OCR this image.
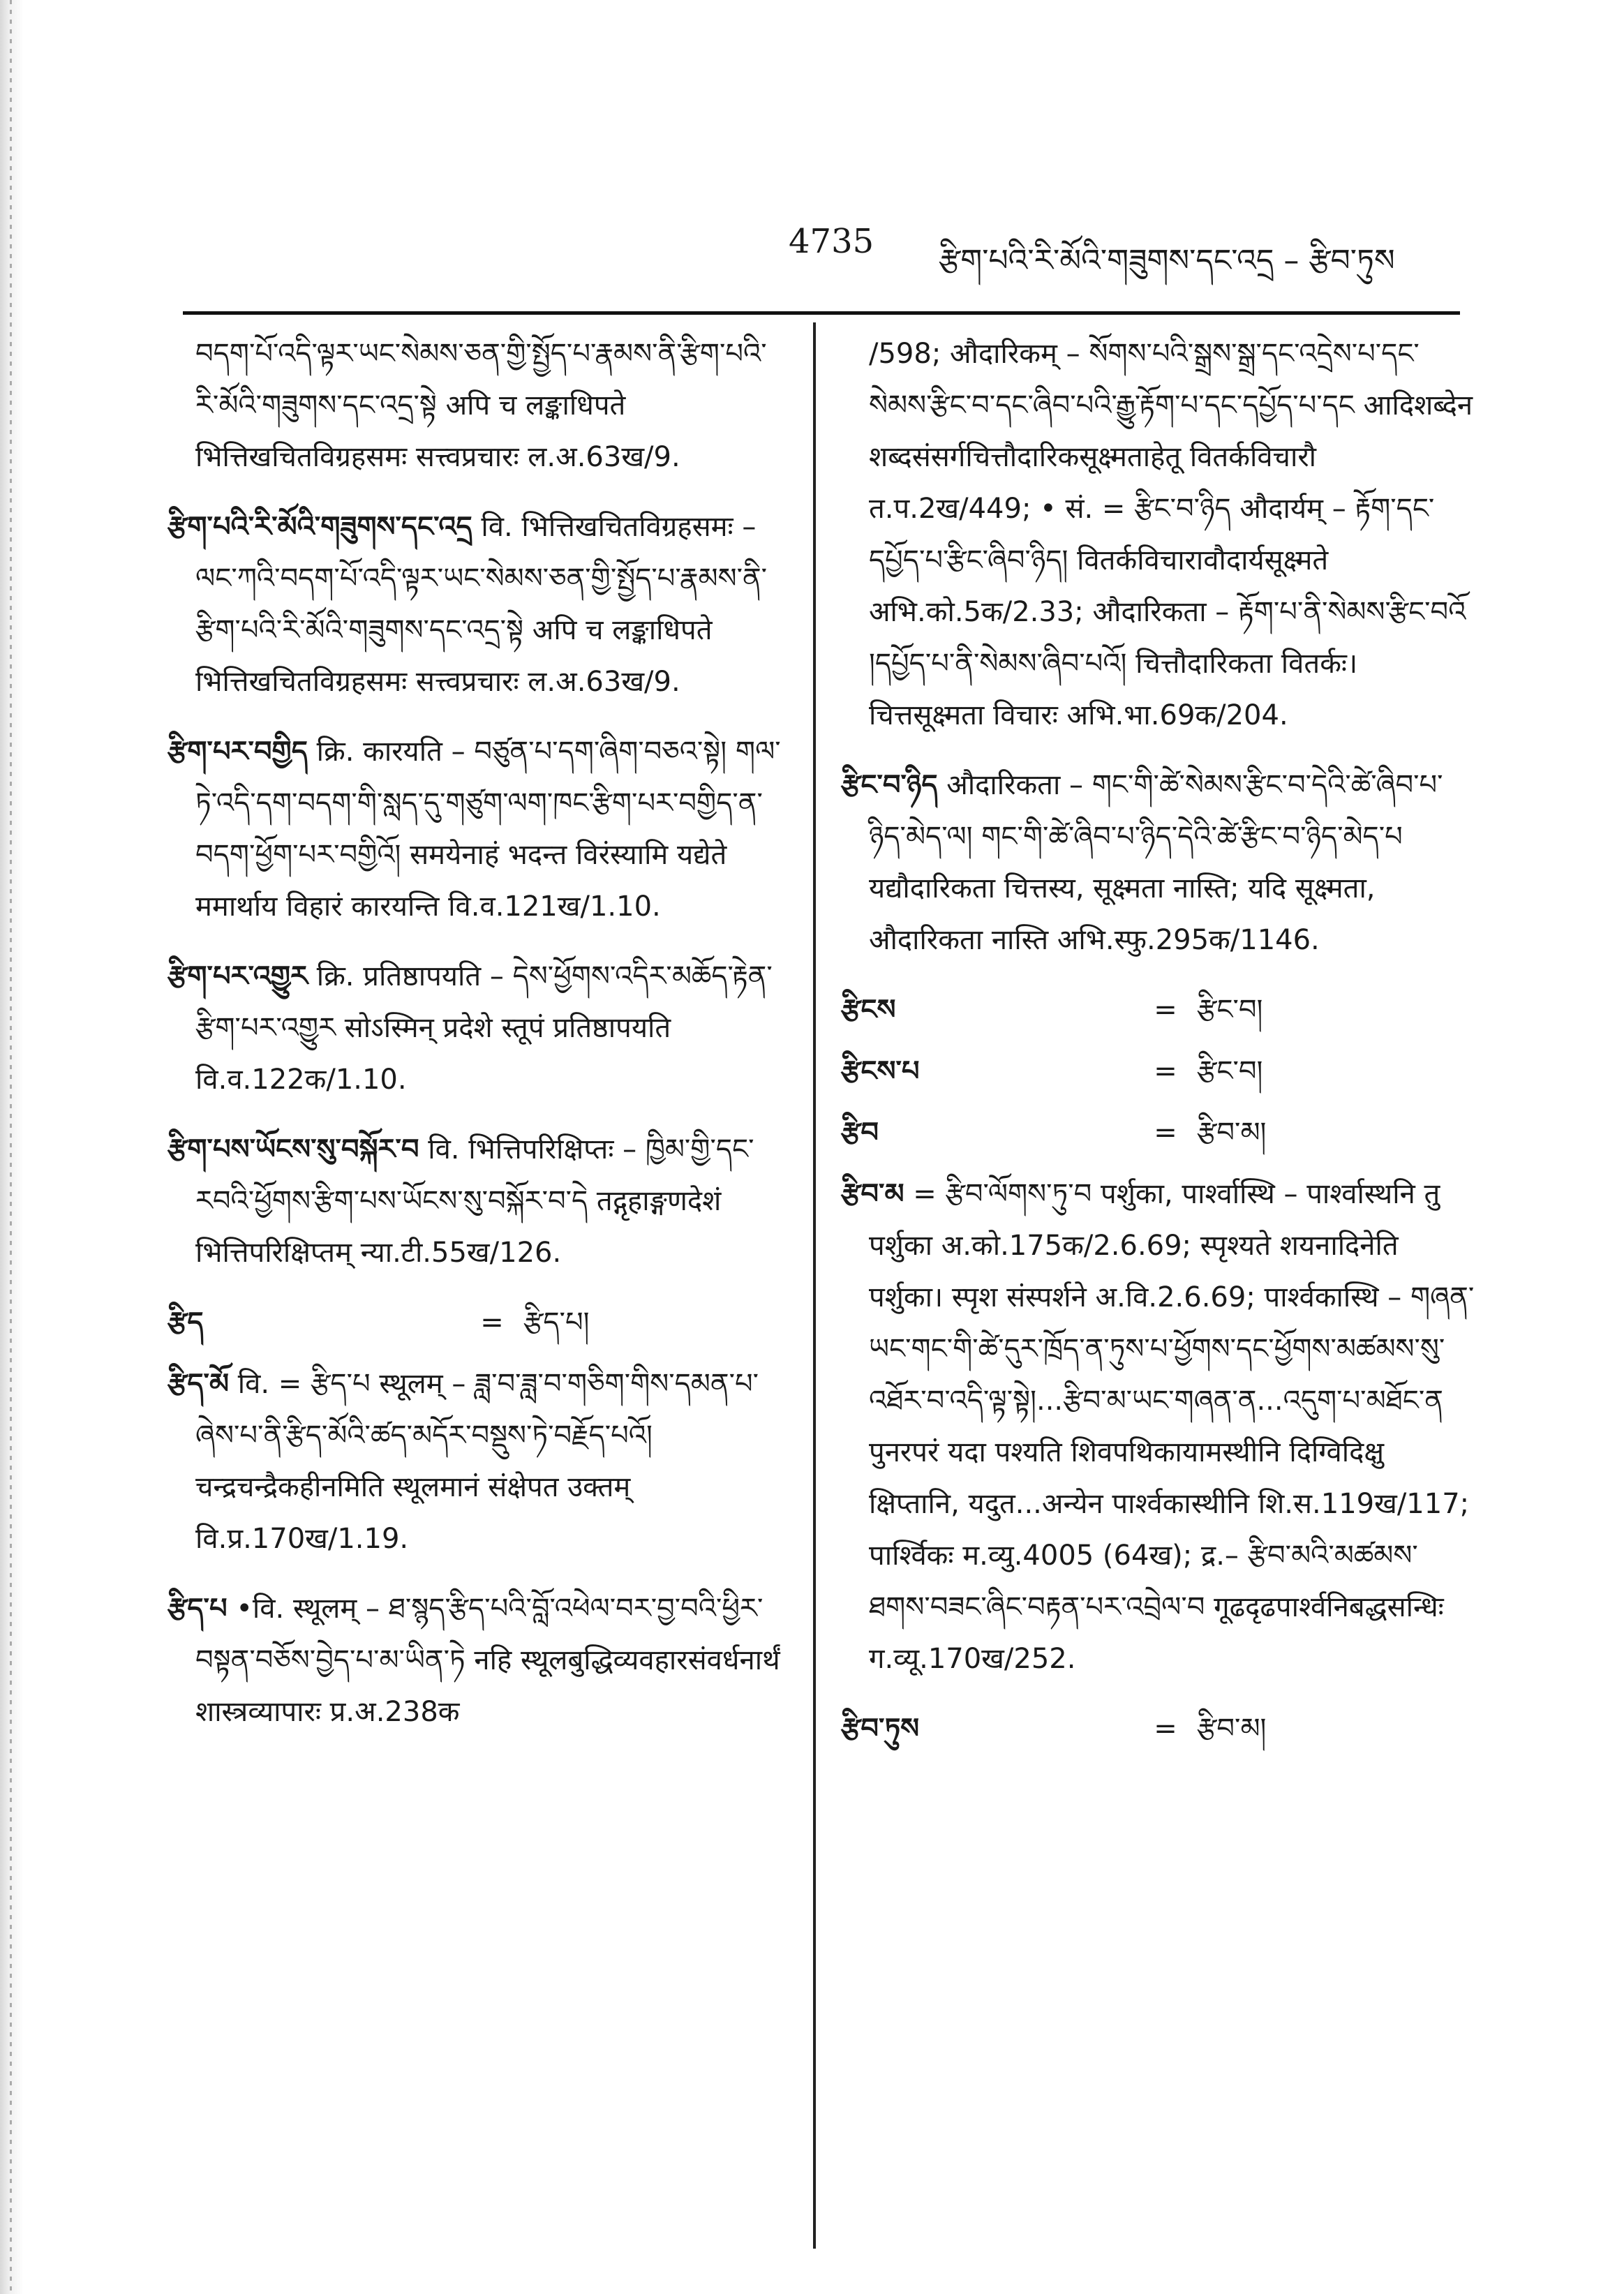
4735 རྩིག་པའི་རི་མོའི་གཟུགས་དང་འདྲ – རྩིབ་ཏུས

བདག་པོ་འདི་ལྟར་ཡང་སེམས་ཅན་གྱི་སྤྱོད་པ་རྣམས་ནི་རྩིག་པའི་རི་མོའི་གཟུགས་དང་འདྲ་སྟེ अपि च लङ्काधिपते भित्तिखचितविग्रहसमः सत्त्वप्रचारः ल.अ.63ख/9.

རྩིག་པའི་རི་མོའི་གཟུགས་དང་འདྲ वि. भित्तिखचितविग्रहसमः – ལང་ཀའི་བདག་པོ་འདི་ལྟར་ཡང་སེམས་ཅན་གྱི་སྤྱོད་པ་རྣམས་ནི་རྩིག་པའི་རི་མོའི་གཟུགས་དང་འདྲ་སྟེ अपि च लङ्काधिपते भित्तिखचितविग्रहसमः सत्त्वप्रचारः ल.अ.63ख/9.

རྩིག་པར་བགྱིད क्रि. कारयति – བཙུན་པ་དག་ཞིག་བཅའ་སྟེ། གལ་ཏེ་འདི་དག་བདག་གི་སླད་དུ་གཙུག་ལག་ཁང་རྩིག་པར་བགྱིད་ན་བདག་ཕྱོག་པར་བགྱིའོ། समयेनाहं भदन्त विरंस्यामि यद्येते ममार्थाय विहारं कारयन्ति वि.व.121ख/1.10.

རྩིག་པར་འགྱུར क्रि. प्रतिष्ठापयति – དེས་ཕྱོགས་འདིར་མཆོད་རྟེན་རྩིག་པར་འགྱུར सोऽस्मिन् प्रदेशे स्तूपं प्रतिष्ठापयति वि.व.122क/1.10.

རྩིག་པས་ཡོངས་སུ་བསྐོར་བ वि. भित्तिपरिक्षिप्तः – ཁྱིམ་གྱི་དང་རབའི་ཕྱོགས་རྩིག་པས་ཡོངས་སུ་བསྐོར་བ་དེ तद्गृहाङ्गणदेशं भित्तिपरिक्षिप्तम् न्या.टी.55ख/126.

རྩིད	= རྩིད་པ།

རྩིད་མོ वि. = རྩིད་པ स्थूलम् – ཟླ་བ་ཟླ་བ་གཅིག་གིས་དམན་པ་ཞེས་པ་ནི་རྩིད་མོའི་ཚད་མདོར་བསྡུས་ཏེ་བརྗོད་པའོ། चन्द्रचन्द्रैकहीनमिति स्थूलमानं संक्षेपत उक्तम् वि.प्र.170ख/1.19.

རྩིད་པ •वि. स्थूलम् – ཐ་སྙད་རྩིད་པའི་བློ་འཕེལ་བར་བྱ་བའི་ཕྱིར་བསྟན་བཅོས་བྱེད་པ་མ་ཡིན་ཏེ नहि स्थूलबुद्धिव्यवहारसंवर्धनार्थं शास्त्रव्यापारः प्र.अ.238क

/598; औदारिकम् – སོགས་པའི་སྒྲས་སྒྲ་དང་འདྲེས་པ་དང་སེམས་རྩིང་བ་དང་ཞིབ་པའི་རྒྱུ་རྟོག་པ་དང་དཔྱོད་པ་དང आदिशब्देन शब्दसंसर्गचित्तौदारिकसूक्ष्मताहेतू वितर्कविचारौ त.प.2ख/449; • सं. = རྩིང་བ་ཉིད औदार्यम् – རྟོག་དང་དཔྱོད་པ་རྩིང་ཞིབ་ཉིད། वितर्कविचारावौदार्यसूक्ष्मते अभि.को.5क/2.33; औदारिकता – རྟོག་པ་ནི་སེམས་རྩིང་བའོ །དཔྱོད་པ་ནི་སེམས་ཞིབ་པའོ། चित्तौदारिकता वितर्कः। चित्तसूक्ष्मता विचारः अभि.भा.69क/204.

རྩིང་བ་ཉིད औदारिकता – གང་གི་ཚེ་སེམས་རྩིང་བ་དེའི་ཚེ་ཞིབ་པ་ཉིད་མེད་ལ། གང་གི་ཚེ་ཞིབ་པ་ཉིད་དེའི་ཚེ་རྩིང་བ་ཉིད་མེད་པ यद्यौदारिकता चित्तस्य, सूक्ष्मता नास्ति; यदि सूक्ष्मता, औदारिकता नास्ति अभि.स्फु.295क/1146.

རྩིངས	= རྩིང་བ།
རྩིངས་པ	= རྩིང་བ།
རྩིབ	= རྩིབ་མ།

རྩིབ་མ = རྩིབ་ལོགས་ཏུ་བ पर्शुका, पार्श्वास्थि – पार्श्वास्थनि तु पर्शुका अ.को.175क/2.6.69; स्पृश्यते शयनादिनेति पर्शुका। स्पृश संस्पर्शने अ.वि.2.6.69; पार्श्वकास्थि – གཞན་ཡང་གང་གི་ཚེ་དུར་ཁྲོད་ན་ཏུས་པ་ཕྱོགས་དང་ཕྱོགས་མཚམས་སུ་འཐོར་བ་འདི་ལྟ་སྟེ།...རྩིབ་མ་ཡང་གཞན་ན...འདུག་པ་མཐོང་ན पुनरपरं यदा पश्यति शिवपथिकायामस्थीनि दिग्विदिक्षु क्षिप्तानि, यदुत...अन्येन पार्श्वकास्थीनि शि.स.119ख/117; पार्श्विकः म.व्यु.4005 (64ख); द्र.– རྩིབ་མའི་མཚམས་ཐགས་བཟང་ཞིང་བརྟན་པར་འབྲེལ་བ गूढदृढपार्श्वनिबद्धसन्धिः ग.व्यू.170ख/252.

རྩིབ་ཏུས	= རྩིབ་མ།
